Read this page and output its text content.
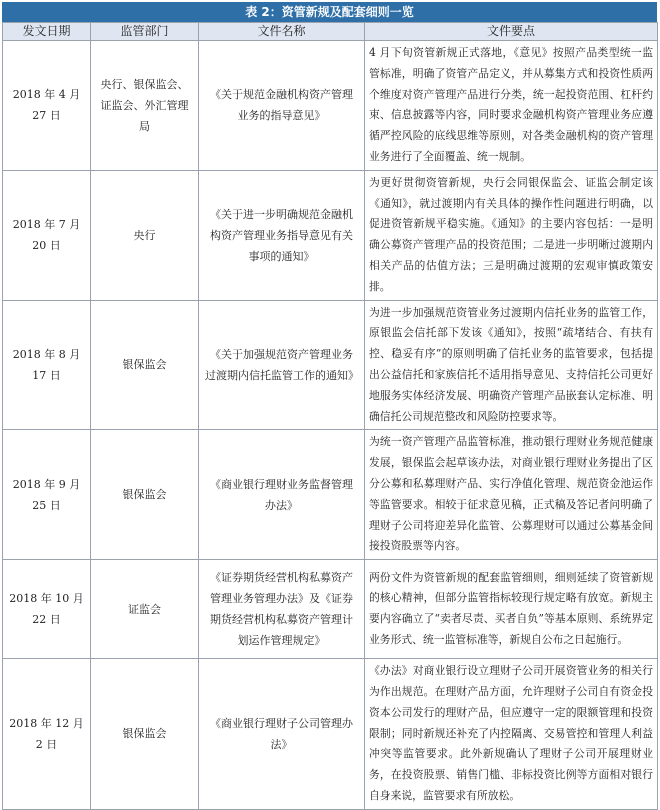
表 2：资管新规及配套细则一览
发文日期	监管部门	文件名称	文件要点
2018 年 4 月 27 日	央行、银保监会、证监会、外汇管理局	《关于规范金融机构资产管理业务的指导意见》	4 月下旬资管新规正式落地，《意见》按照产品类型统一监管标准，明确了资管产品定义，并从募集方式和投资性质两个维度对资产管理产品进行分类，统一起投资范围、杠杆约束、信息披露等内容，同时要求金融机构资产管理业务应遵循严控风险的底线思维等原则，对各类金融机构的资产管理业务进行了全面覆盖、统一规制。
2018 年 7 月 20 日	央行	《关于进一步明确规范金融机构资产管理业务指导意见有关事项的通知》	为更好贯彻资管新规，央行会同银保监会、证监会制定该《通知》，就过渡期内有关具体的操作性问题进行明确，以促进资管新规平稳实施。《通知》的主要内容包括：一是明确公募资产管理产品的投资范围；二是进一步明晰过渡期内相关产品的估值方法；三是明确过渡期的宏观审慎政策安排。
2018 年 8 月 17 日	银保监会	《关于加强规范资产管理业务过渡期内信托监管工作的通知》	为进一步加强规范资管业务过渡期内信托业务的监管工作，原银监会信托部下发该《通知》，按照“疏堵结合、有扶有控、稳妥有序”的原则明确了信托业务的监管要求，包括提出公益信托和家族信托不适用指导意见、支持信托公司更好地服务实体经济发展、明确资产管理产品嵌套认定标准、明确信托公司规范整改和风险防控要求等。
2018 年 9 月 25 日	银保监会	《商业银行理财业务监督管理办法》	为统一资产管理产品监管标准，推动银行理财业务规范健康发展，银保监会起草该办法，对商业银行理财业务提出了区分公募和私募理财产品、实行净值化管理、规范资金池运作等监管要求。相较于征求意见稿，正式稿及答记者问明确了理财子公司将迎差异化监管、公募理财可以通过公募基金间接投资股票等内容。
2018 年 10 月 22 日	证监会	《证券期货经营机构私募资产管理业务管理办法》及《证券期货经营机构私募资产管理计划运作管理规定》	两份文件为资管新规的配套监管细则，细则延续了资管新规的核心精神，但部分监管指标较现行规定略有放宽。新规主要内容确立了“卖者尽责、买者自负”等基本原则、系统界定业务形式、统一监管标准等，新规自公布之日起施行。
2018 年 12 月 2 日	银保监会	《商业银行理财子公司管理办法》	《办法》对商业银行设立理财子公司开展资管业务的相关行为作出规范。在理财产品方面，允许理财子公司自有资金投资本公司发行的理财产品，但应遵守一定的限额管理和投资限制；同时新规还补充了内控隔离、交易管控和管理人利益冲突等监管要求。此外新规确认了理财子公司开展理财业务，在投资股票、销售门槛、非标投资比例等方面相对银行自身来说，监管要求有所放松。
